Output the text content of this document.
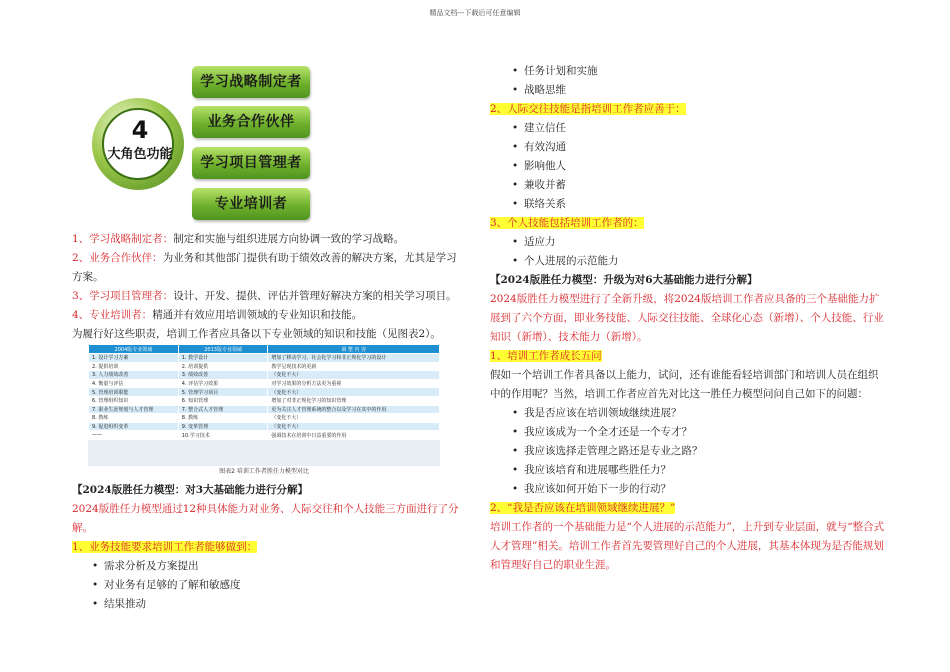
精品文档---下载后可任意编辑
4
大角色功能
学习战略制定者
业务合作伙伴
学习项目管理者
专业培训者

1、学习战略制定者：制定和实施与组织进展方向协调一致的学习战略。

2、业务合作伙伴：为业务和其他部门提供有助于绩效改善的解决方案，尤其是学习方案。

3、学习项目管理者：设计、开发、提供、评估并管理好解决方案的相关学习项目。

4、专业培训者：精通并有效应用培训领域的专业知识和技能。

为履行好这些职责，培训工作者应具备以下专业领域的知识和技能（见图表2）。

2004版专业领域	2013版专业领域	调 整 内 容
1. 设计学习方案	1. 教学设计	增加了移动学习、社会化学习和非正规化学习的设计
2. 提供培训	2. 培训提供	教学呈现技术的更新
3. 人力绩效改善	3. 绩效改善	（变化不大）
4. 衡量与评估	4. 评估学习效果	对学习效果的分析方法更为重视
5. 管理培训职能	5. 管理学习项目	（变化不大）
6. 管理组织知识	6. 知识管理	增加了对非正规化学习的知识管理
7. 职业生涯规划与人才管理	7. 整合式人才管理	更为关注人才管理系统的整合以及学习在其中的作用
8. 教练	8. 教练	（变化不大）
9. 促进组织变革	9. 变革管理	（变化不大）
——	10.学习技术	强调技术在培训中日益重要的作用
图表2 培训工作者胜任力模型对比

【2024版胜任力模型：对3大基础能力进行分解】

2024版胜任力模型通过12种具体能力对业务、人际交往和个人技能三方面进行了分解。

1、业务技能要求培训工作者能够做到：

• 需求分析及方案提出
• 对业务有足够的了解和敏感度
• 结果推动
• 任务计划和实施
• 战略思维

2、人际交往技能是指培训工作者应善于：

• 建立信任
• 有效沟通
• 影响他人
• 兼收并蓄
• 联络关系

3、个人技能包括培训工作者的：

• 适应力
• 个人进展的示范能力

【2024版胜任力模型：升级为对6大基础能力进行分解】

2024版胜任力模型进行了全新升级，将2024版培训工作者应具备的三个基础能力扩展到了六个方面，即业务技能、人际交往技能、全球化心态（新增）、个人技能、行业知识（新增）、技术能力（新增）。

1、培训工作者成长五问

假如一个培训工作者具备以上能力，试问，还有谁能看轻培训部门和培训人员在组织中的作用呢？当然，培训工作者应首先对比这一胜任力模型问问自己如下的问题：

• 我是否应该在培训领域继续进展？
• 我应该成为一个全才还是一个专才？
• 我应该选择走管理之路还是专业之路？
• 我应该培育和进展哪些胜任力？
• 我应该如何开始下一步的行动？

2、“我是否应该在培训领域继续进展？”

培训工作者的一个基础能力是“个人进展的示范能力”，上升到专业层面，就与“整合式人才管理”相关。培训工作者首先要管理好自己的个人进展，其基本体现为是否能规划和管理好自己的职业生涯。
